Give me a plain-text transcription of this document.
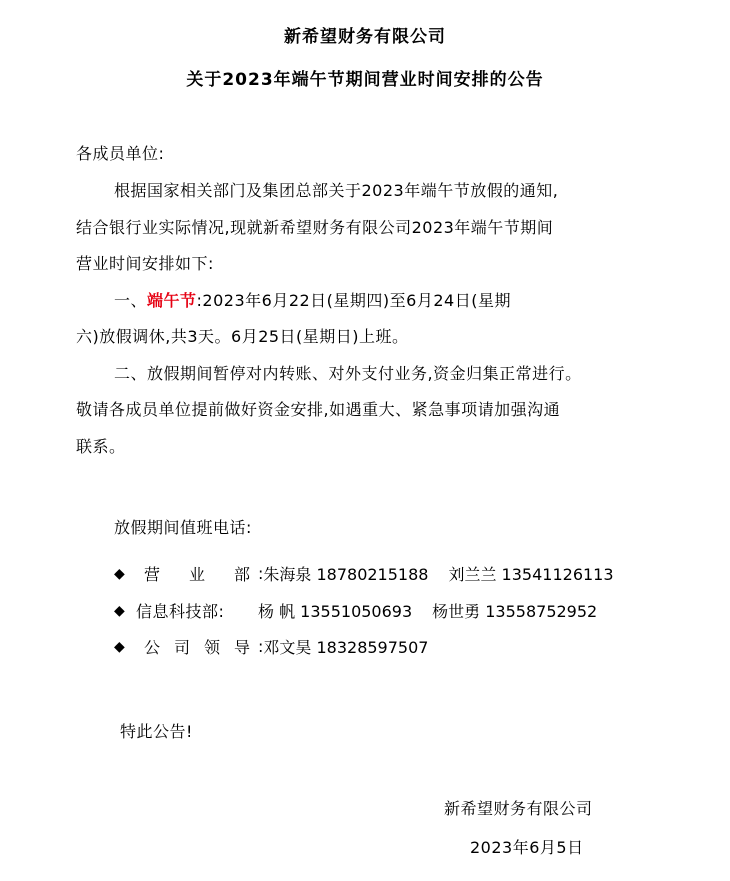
新希望财务有限公司
关于2023年端午节期间营业时间安排的公告
各成员单位:
根据国家相关部门及集团总部关于2023年端午节放假的通知,
结合银行业实际情况,现就新希望财务有限公司2023年端午节期间
营业时间安排如下:
一、端午节:2023年6月22日(星期四)至6月24日(星期
六)放假调休,共3天。6月25日(星期日)上班。
二、放假期间暂停对内转账、对外支付业务,资金归集正常进行。
敬请各成员单位提前做好资金安排,如遇重大、紧急事项请加强沟通
联系。
放假期间值班电话:
◆	营 业 部 : 朱海泉 18780215188 刘兰兰 13541126113
◆ 信息科技部:	杨 帆 13551050693 杨世勇 13558752952
◆	公 司 领 导 : 邓文昊 18328597507
特此公告!
新希望财务有限公司
2023年6月5日
